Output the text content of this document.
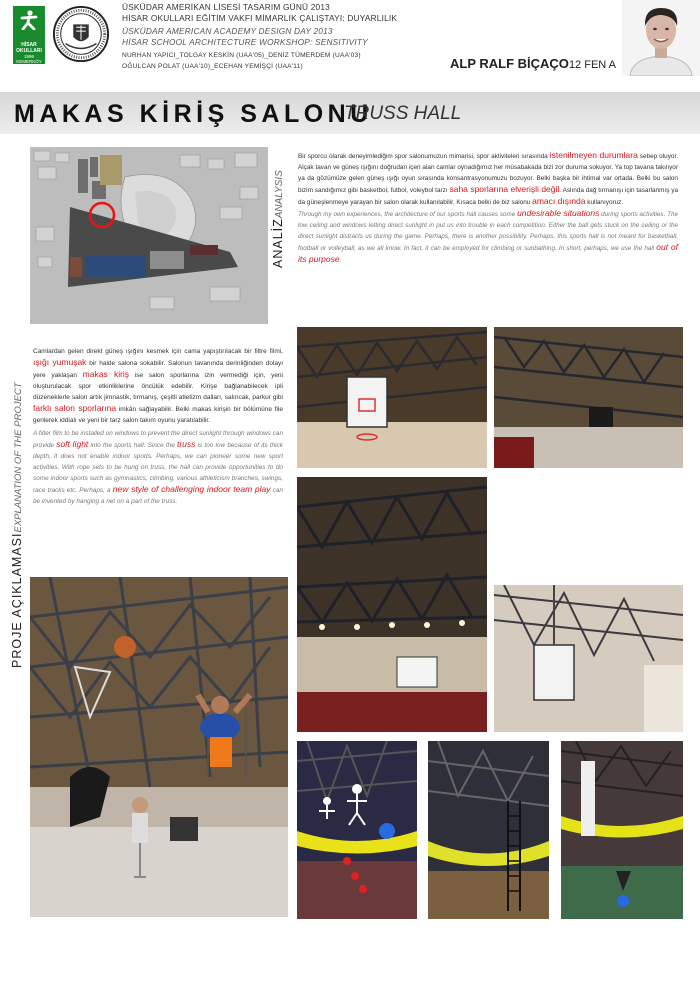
HİSAR
OKULLARI
1996
KEMERKÖY
ÜSKÜDAR AMERİKAN LİSESİ TASARIM GÜNÜ 2013
HİSAR OKULLARI EĞİTİM VAKFI MİMARLIK ÇALIŞTAYI: DUYARLILIK
ÜSKÜDAR AMERICAN ACADEMY DESIGN DAY 2013
HİSAR SCHOOL ARCHITECTURE WORKSHOP: SENSITIVITY
NURHAN YAPICI_TOLGAY KESKİN (UAA'05)_DENİZ TÜMERDEM (UAA'03)
OĞULCAN POLAT (UAA'10)_ECEHAN YEMİŞÇİ (UAA'11)	ALP RALF BİÇAÇO12 FEN A
MAKAS KİRİŞ SALONU
TRUSS HALL
ANALİZANALYSIS
Bir sporcu olarak deneyimlediğim spor salonumuzun mimarisi, spor aktiviteleri sırasında istenilmeyen durumlara sebep oluyor. Alçak tavan ve güneş ışığını doğrudan içeri alan camlar oynadığımız her müsabakada bizi zor duruma sokuyor. Ya top tavana takılıyor ya da gözümüze gelen güneş ışığı oyun sırasında konsantrasyonumuzu bozuyor. Belki başka bir ihtimal var ortada. Belki bu salon bizim sandığımız gibi basketbol, futbol, voleybol tarzı saha sporlarına elverişli değil. Aslında dağ tırmanışı için tasarlanmış ya da güneşlenmeye yarayan bir salon olarak kullanılabilir. Kısaca belki de biz salonu amacı dışında kullanıyoruz.
Through my own experiences, the architecture of our sports hall causes some undesirable situations during sports activities. The low ceiling and windows letting direct sunlight in put us into trouble in each competition. Either the ball gets stuck on the ceiling or the direct sunlight distracts us during the game. Perhaps, there is another possibility. Perhaps, this sports hall is not meant for basketball, football or volleyball, as we all know. In fact, it can be employed for climbing or sunbathing. In short, perhaps, we use the hall out of its purpose.
PROJE AÇIKLAMASIEXPLANATION OF THE PROJECT
Camlardan gelen direkt güneş ışığını kesmek için cama yapıştırılacak bir filtre filmi, ışığı yumuşak bir halde salona sokabilir. Salonun tavanında derinliğinden dolayı yere yaklaşan makas kiriş ise salon sporlarına izin vermediği için, yeni oluşturulacak spor etkinliklerine öncülük edebilir. Kirişe bağlanabilecek ipli düzeneklerle salon artık jimnastik, tırmanış, çeşitli atletizm dalları, salıncak, parkur gibi farklı salon sporlarına imkân sağlayabilir. Belki makas kirişin bir bölümüne file gerilerek iddialı ve yeni bir tarz salon takım oyunu yaratılabilir.
A filter film to be installed on windows to prevent the direct sunlight through windows can provide soft light into the sports hall. Since the truss is too low because of its thick depth, it does not enable indoor sports. Perhaps, we can pioneer some new sport activities. With rope sets to be hung on truss, the hall can provide opportunities to do some indoor sports such as gymnastics, climbing, various athleticism branches, swings, race tracks etc. Perhaps, a new style of challenging indoor team play can be invented by hanging a net on a part of the truss.
